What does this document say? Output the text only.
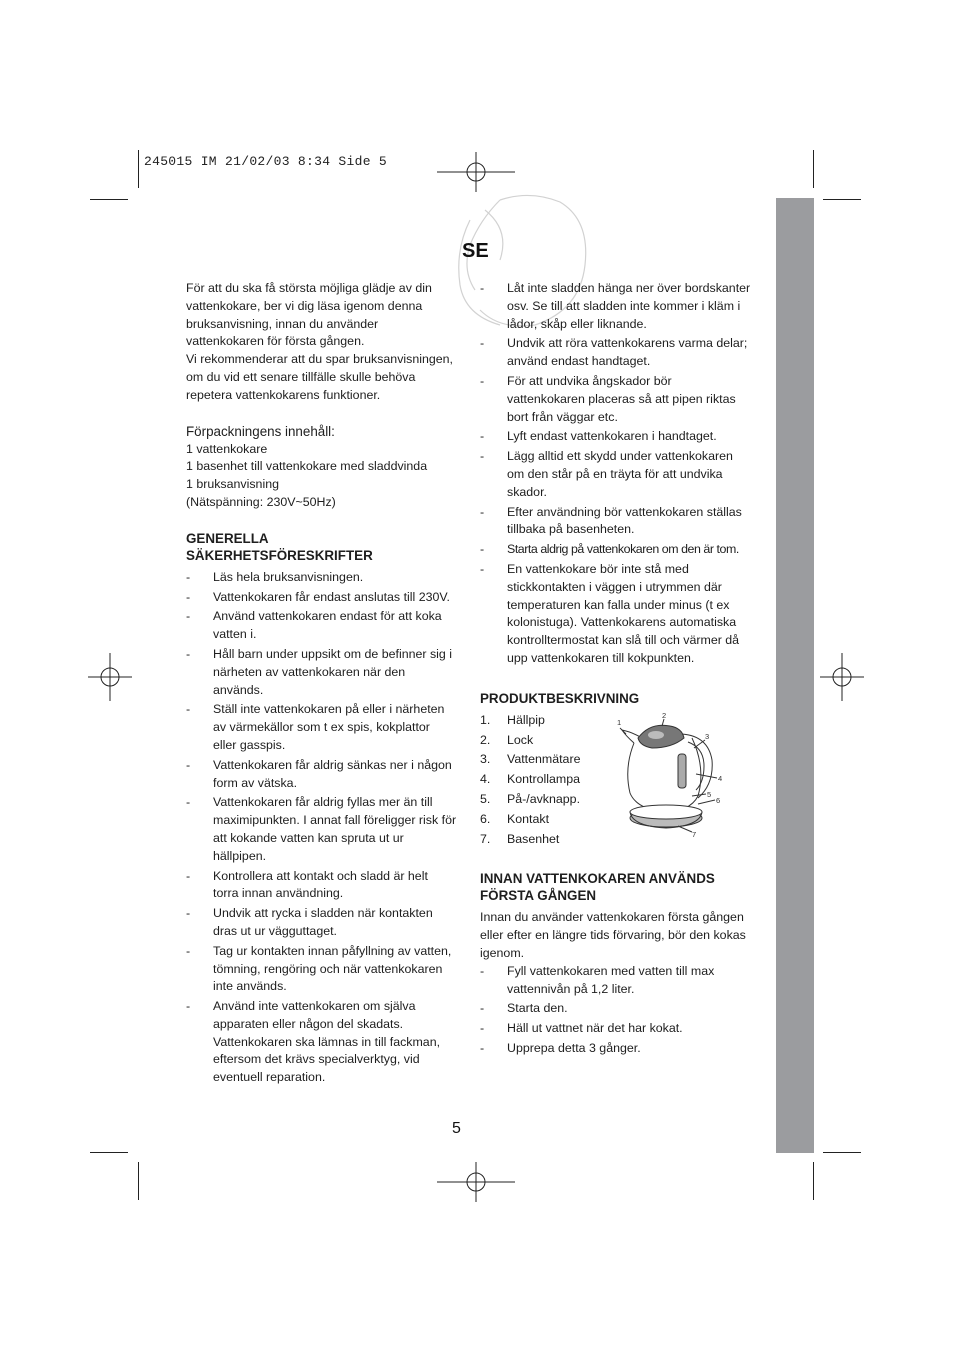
245015 IM 21/02/03 8:34 Side 5
SE

För att du ska få största möjliga glädje av din

vattenkokare, ber vi dig läsa igenom denna

bruksanvisning, innan du använder

vattenkokaren för första gången.

Vi rekommenderar att du spar bruksanvisningen,

om du vid ett senare tillfälle skulle behöva

repetera vattenkokarens funktioner.

Förpackningens innehåll:

1 vattenkokare

1 basenhet till vattenkokare med sladdvinda

1 bruksanvisning

(Nätspänning: 230V~50Hz)

GENERELLA

SÄKERHETSFÖRESKRIFTER

- Läs hela bruksanvisningen.
- Vattenkokaren får endast anslutas till 230V.
- Använd vattenkokaren endast för att koka
vatten i.
- Håll barn under uppsikt om de befinner sig i
närheten av vattenkokaren när den
används.
- Ställ inte vattenkokaren på eller i närheten
av värmekällor som t ex spis, kokplattor
eller gasspis.
- Vattenkokaren får aldrig sänkas ner i någon
form av vätska.
- Vattenkokaren får aldrig fyllas mer än till
maximipunkten. I annat fall föreligger risk för
att kokande vatten kan spruta ut ur
hällpipen.
- Kontrollera att kontakt och sladd är helt
torra innan användning.
- Undvik att rycka i sladden när kontakten
dras ut ur vägguttaget.
- Tag ur kontakten innan påfyllning av vatten,
tömning, rengöring och när vattenkokaren
inte används.
- Använd inte vattenkokaren om själva
apparaten eller någon del skadats.
Vattenkokaren ska lämnas in till fackman,
eftersom det krävs specialverktyg, vid
eventuell reparation.
- Låt inte sladden hänga ner över bordskanter
osv. Se till att sladden inte kommer i kläm i
lådor, skåp eller liknande.
- Undvik att röra vattenkokarens varma delar;
använd endast handtaget.
- För att undvika ångskador bör
vattenkokaren placeras så att pipen riktas
bort från väggar etc.
- Lyft endast vattenkokaren i handtaget.
- Lägg alltid ett skydd under vattenkokaren
om den står på en träyta för att undvika
skador.
- Efter användning bör vattenkokaren ställas
tillbaka på basenheten.
- Starta aldrig på vattenkokaren om den är tom.
- En vattenkokare bör inte stå med
stickkontakten i väggen i utrymmen där
temperaturen kan falla under minus (t ex
kolonistuga). Vattenkokarens automatiska
kontrolltermostat kan slå till och värmer då
upp vattenkokaren till kokpunkten.
PRODUKTBESKRIVNING
1. Hällpip
2. Lock
3. Vattenmätare
4. Kontrollampa
5. På-/avknapp.
6. Kontakt
7. Basenhet

INNAN VATTENKOKAREN ANVÄNDS

FÖRSTA GÅNGEN

Innan du använder vattenkokaren första gången

eller efter en längre tids förvaring, bör den kokas

igenom.

- Fyll vattenkokaren med vatten till max
vattennivån på 1,2 liter.
- Starta den.
- Häll ut vattnet när det har kokat.
- Upprepa detta 3 gånger.
1
2
3
4
5
6
7
5
